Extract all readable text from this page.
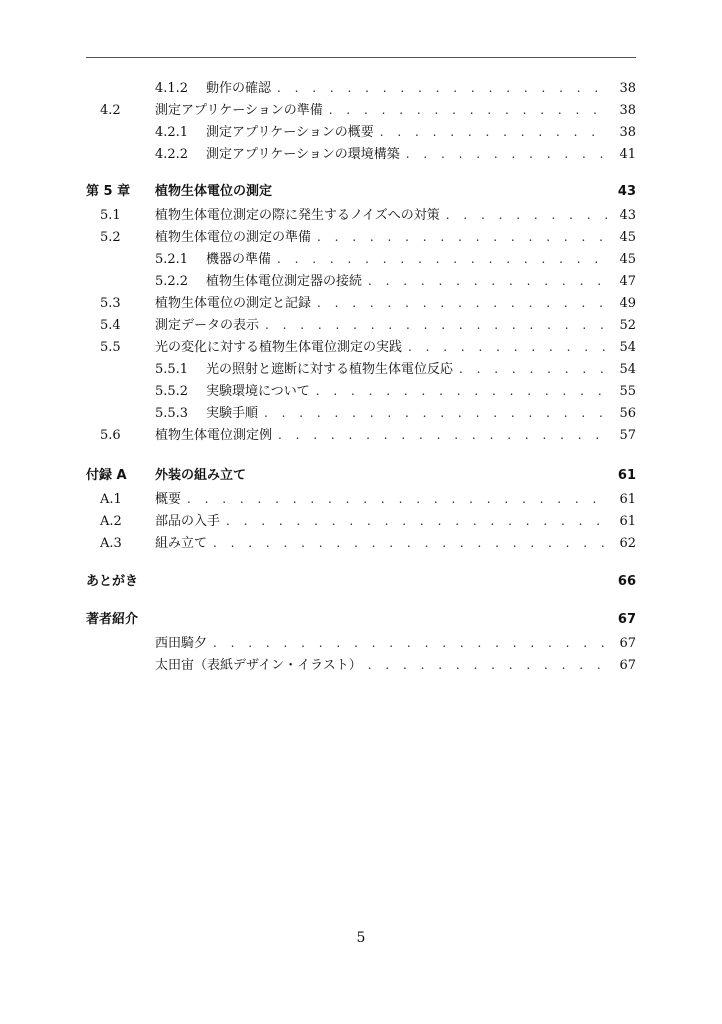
4.1.2	動作の確認 . . .	38
4.2	測定アプリケーションの準備 . . .	38
4.2.1	測定アプリケーションの概要 . . .	38
4.2.2	測定アプリケーションの環境構築 . . .	41
第 5 章 植物生体電位の測定	43
5.1	植物生体電位測定の際に発生するノイズへの対策 . . .	43
5.2	植物生体電位の測定の準備 . . .	45
5.2.1	機器の準備 . . .	45
5.2.2	植物生体電位測定器の接続 . . .	47
5.3	植物生体電位の測定と記録 . . .	49
5.4	測定データの表示 . . .	52
5.5	光の変化に対する植物生体電位測定の実践 . . .	54
5.5.1	光の照射と遮断に対する植物生体電位反応 . . .	54
5.5.2	実験環境について . . .	55
5.5.3	実験手順 . . .	56
5.6	植物生体電位測定例 . . .	57
付録 A 外装の組み立て	61
A.1	概要 . . .	61
A.2	部品の入手 . . .	61
A.3	組み立て . . .	62
あとがき	66
著者紹介	67
西田騎夕 . . .	67
太田宙（表紙デザイン・イラスト） . . .	67
5
